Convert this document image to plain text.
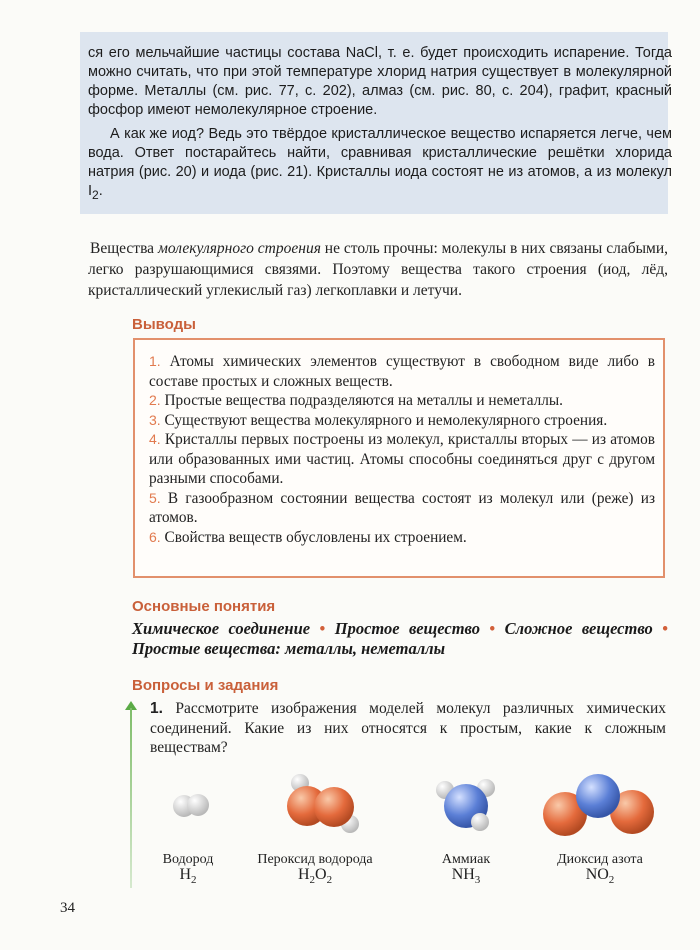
ся его мельчайшие частицы состава NaCl, т. е. будет происходить испарение. Тогда можно считать, что при этой температуре хлорид натрия существует в молекулярной форме. Металлы (см. рис. 77, с. 202), алмаз (см. рис. 80, с. 204), графит, красный фосфор имеют немолекулярное строение.

А как же иод? Ведь это твёрдое кристаллическое вещество испаряется легче, чем вода. Ответ постарайтесь найти, сравнивая кристаллические решётки хлорида натрия (рис. 20) и иода (рис. 21). Кристаллы иода состоят не из атомов, а из молекул $I_2$.

Вещества молекулярного строения не столь прочны: молекулы в них связаны слабыми, легко разрушающимися связями. Поэтому вещества такого строения (иод, лёд, кристаллический углекислый газ) легкоплавки и летучи.

Выводы
1. Атомы химических элементов существуют в свободном виде либо в составе простых и сложных веществ.
2. Простые вещества подразделяются на металлы и неметаллы.
3. Существуют вещества молекулярного и немолекулярного строения.
4. Кристаллы первых построены из молекул, кристаллы вторых — из атомов или образованных ими частиц. Атомы способны соединяться друг с другом разными способами.
5. В газообразном состоянии вещества состоят из молекул или (реже) из атомов.
6. Свойства веществ обусловлены их строением.
Основные понятия

Химическое соединение • Простое вещество • Сложное вещество • Простые вещества: металлы, неметаллы

Вопросы и задания

1. Рассмотрите изображения моделей молекул различных химических соединений. Какие из них относятся к простым, какие к сложным веществам?

Водород
$H_2$
Пероксид водорода
$H_2O_2$
Аммиак
$NH_3$
Диоксид азота
$NO_2$
34
